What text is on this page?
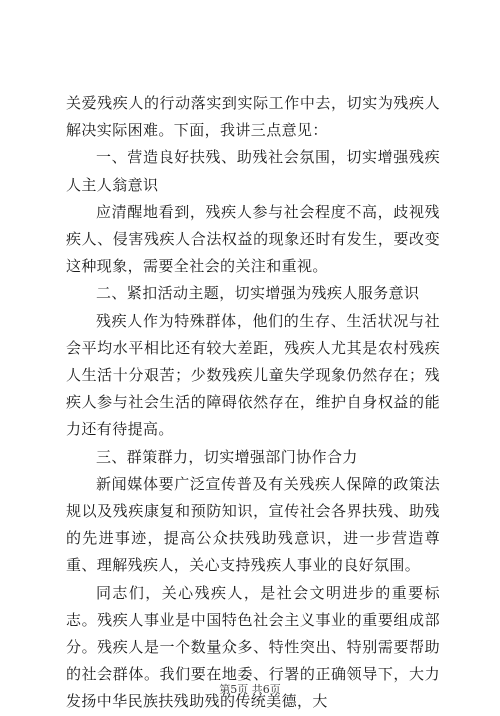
关爱残疾人的行动落实到实际工作中去，切实为残疾人解决实际困难。下面，我讲三点意见：

一、营造良好扶残、助残社会氛围，切实增强残疾人主人翁意识

应清醒地看到，残疾人参与社会程度不高，歧视残疾人、侵害残疾人合法权益的现象还时有发生，要改变这种现象，需要全社会的关注和重视。

二、紧扣活动主题，切实增强为残疾人服务意识

残疾人作为特殊群体，他们的生存、生活状况与社会平均水平相比还有较大差距，残疾人尤其是农村残疾人生活十分艰苦；少数残疾儿童失学现象仍然存在；残疾人参与社会生活的障碍依然存在，维护自身权益的能力还有待提高。

三、群策群力，切实增强部门协作合力

新闻媒体要广泛宣传普及有关残疾人保障的政策法规以及残疾康复和预防知识，宣传社会各界扶残、助残的先进事迹，提高公众扶残助残意识，进一步营造尊重、理解残疾人，关心支持残疾人事业的良好氛围。

同志们，关心残疾人，是社会文明进步的重要标志。残疾人事业是中国特色社会主义事业的重要组成部分。残疾人是一个数量众多、特性突出、特别需要帮助的社会群体。我们要在地委、行署的正确领导下，大力发扬中华民族扶残助残的传统美德，大

第5页 共6页
